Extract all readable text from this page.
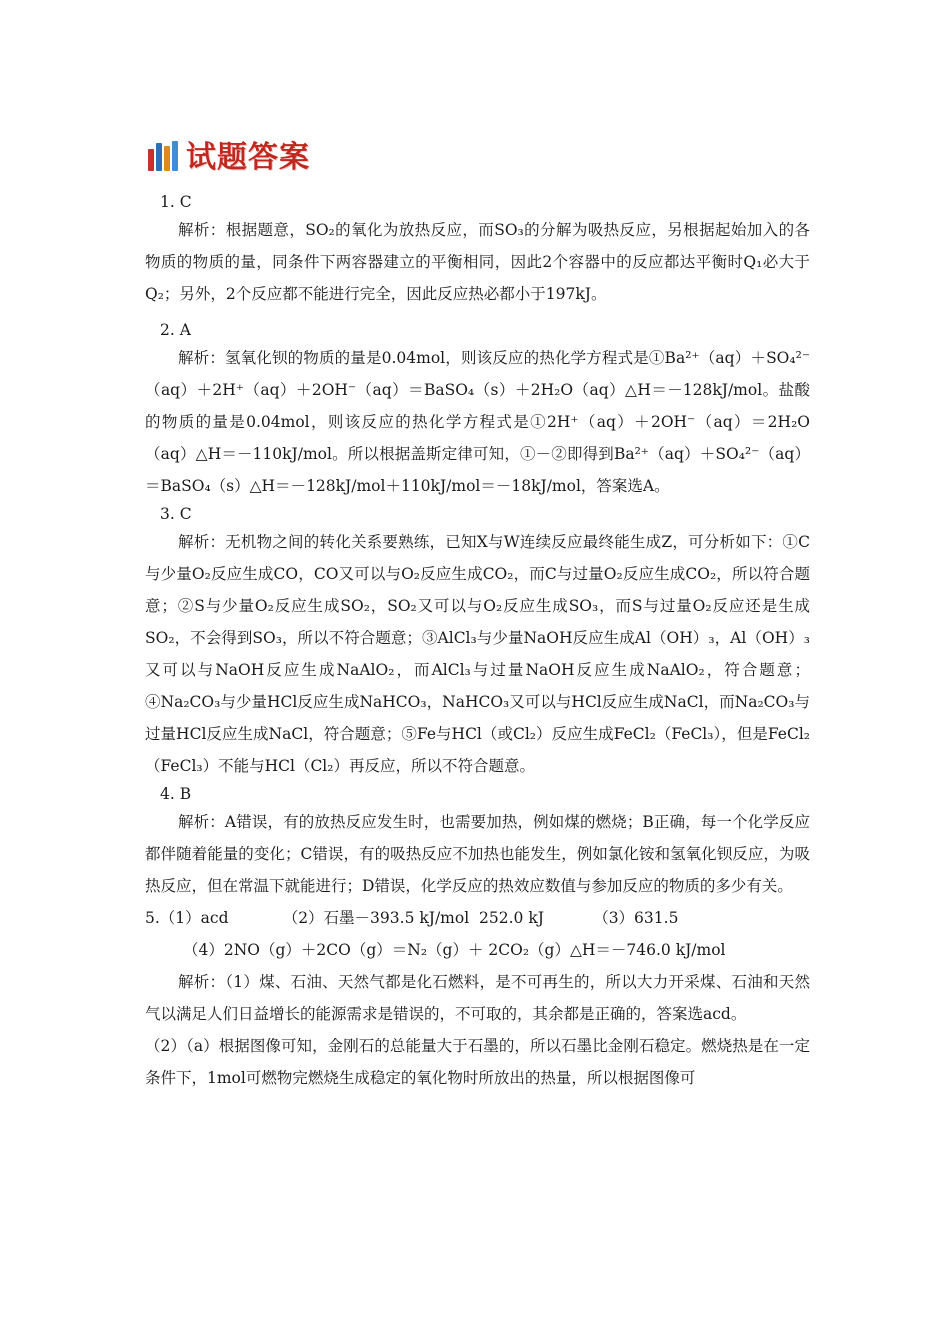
试题答案

1. C

解析：根据题意，SO₂的氧化为放热反应，而SO₃的分解为吸热反应，另根据起始加入的各物质的物质的量，同条件下两容器建立的平衡相同，因此2个容器中的反应都达平衡时Q₁必大于Q₂；另外，2个反应都不能进行完全，因此反应热必都小于197kJ。

2. A

解析：氢氧化钡的物质的量是0.04mol，则该反应的热化学方程式是①Ba²⁺（aq）＋SO₄²⁻（aq）＋2H⁺（aq）＋2OH⁻（aq）＝BaSO₄（s）＋2H₂O（aq）△H＝－128kJ/mol。盐酸的物质的量是0.04mol，则该反应的热化学方程式是①2H⁺（aq）＋2OH⁻（aq）＝2H₂O（aq）△H＝－110kJ/mol。所以根据盖斯定律可知，①－②即得到Ba²⁺（aq）＋SO₄²⁻（aq）＝BaSO₄（s）△H＝－128kJ/mol＋110kJ/mol＝－18kJ/mol，答案选A。

3. C

解析：无机物之间的转化关系要熟练，已知X与W连续反应最终能生成Z，可分析如下：①C与少量O₂反应生成CO，CO又可以与O₂反应生成CO₂，而C与过量O₂反应生成CO₂，所以符合题意；②S与少量O₂反应生成SO₂，SO₂又可以与O₂反应生成SO₃，而S与过量O₂反应还是生成SO₂，不会得到SO₃，所以不符合题意；③AlCl₃与少量NaOH反应生成Al（OH）₃，Al（OH）₃又可以与NaOH反应生成NaAlO₂，而AlCl₃与过量NaOH反应生成NaAlO₂，符合题意；④Na₂CO₃与少量HCl反应生成NaHCO₃，NaHCO₃又可以与HCl反应生成NaCl，而Na₂CO₃与过量HCl反应生成NaCl，符合题意；⑤Fe与HCl（或Cl₂）反应生成FeCl₂（FeCl₃），但是FeCl₂（FeCl₃）不能与HCl（Cl₂）再反应，所以不符合题意。

4. B

解析：A错误，有的放热反应发生时，也需要加热，例如煤的燃烧；B正确，每一个化学反应都伴随着能量的变化；C错误，有的吸热反应不加热也能发生，例如氯化铵和氢氧化钡反应，为吸热反应，但在常温下就能进行；D错误，化学反应的热效应数值与参加反应的物质的多少有关。

5.（1）acd           （2）石墨－393.5 kJ/mol  252.0 kJ          （3）631.5

（4）2NO（g）＋2CO（g）＝N₂（g）＋ 2CO₂（g）△H＝－746.0 kJ/mol

解析：（1）煤、石油、天然气都是化石燃料，是不可再生的，所以大力开采煤、石油和天然气以满足人们日益增长的能源需求是错误的，不可取的，其余都是正确的，答案选acd。

（2）（a）根据图像可知，金刚石的总能量大于石墨的，所以石墨比金刚石稳定。燃烧热是在一定条件下，1mol可燃物完燃烧生成稳定的氧化物时所放出的热量，所以根据图像可
